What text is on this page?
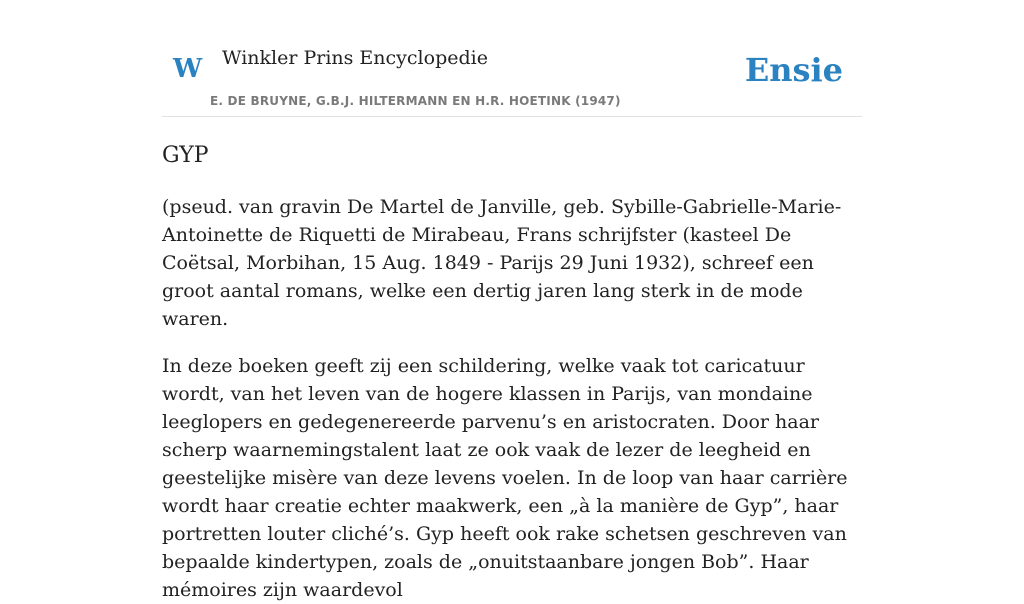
W Winkler Prins Encyclopedie
E. DE BRUYNE, G.B.J. HILTERMANN EN H.R. HOETINK (1947)
Ensie
GYP

(pseud. van gravin De Martel de Janville, geb. Sybille-Gabrielle-Marie-Antoinette de Riquetti de Mirabeau, Frans schrijfster (kasteel De Coëtsal, Morbihan, 15 Aug. 1849 - Parijs 29 Juni 1932), schreef een groot aantal romans, welke een dertig jaren lang sterk in de mode waren.

In deze boeken geeft zij een schildering, welke vaak tot caricatuur wordt, van het leven van de hogere klassen in Parijs, van mondaine leeglopers en gedegenereerde parvenu’s en aristocraten. Door haar scherp waarnemingstalent laat ze ook vaak de lezer de leegheid en geestelijke misère van deze levens voelen. In de loop van haar carrière wordt haar creatie echter maakwerk, een „à la manière de Gyp”, haar portretten louter cliché’s. Gyp heeft ook rake schetsen geschreven van bepaalde kindertypen, zoals de „onuitstaanbare jongen Bob”. Haar mémoires zijn waardevol
